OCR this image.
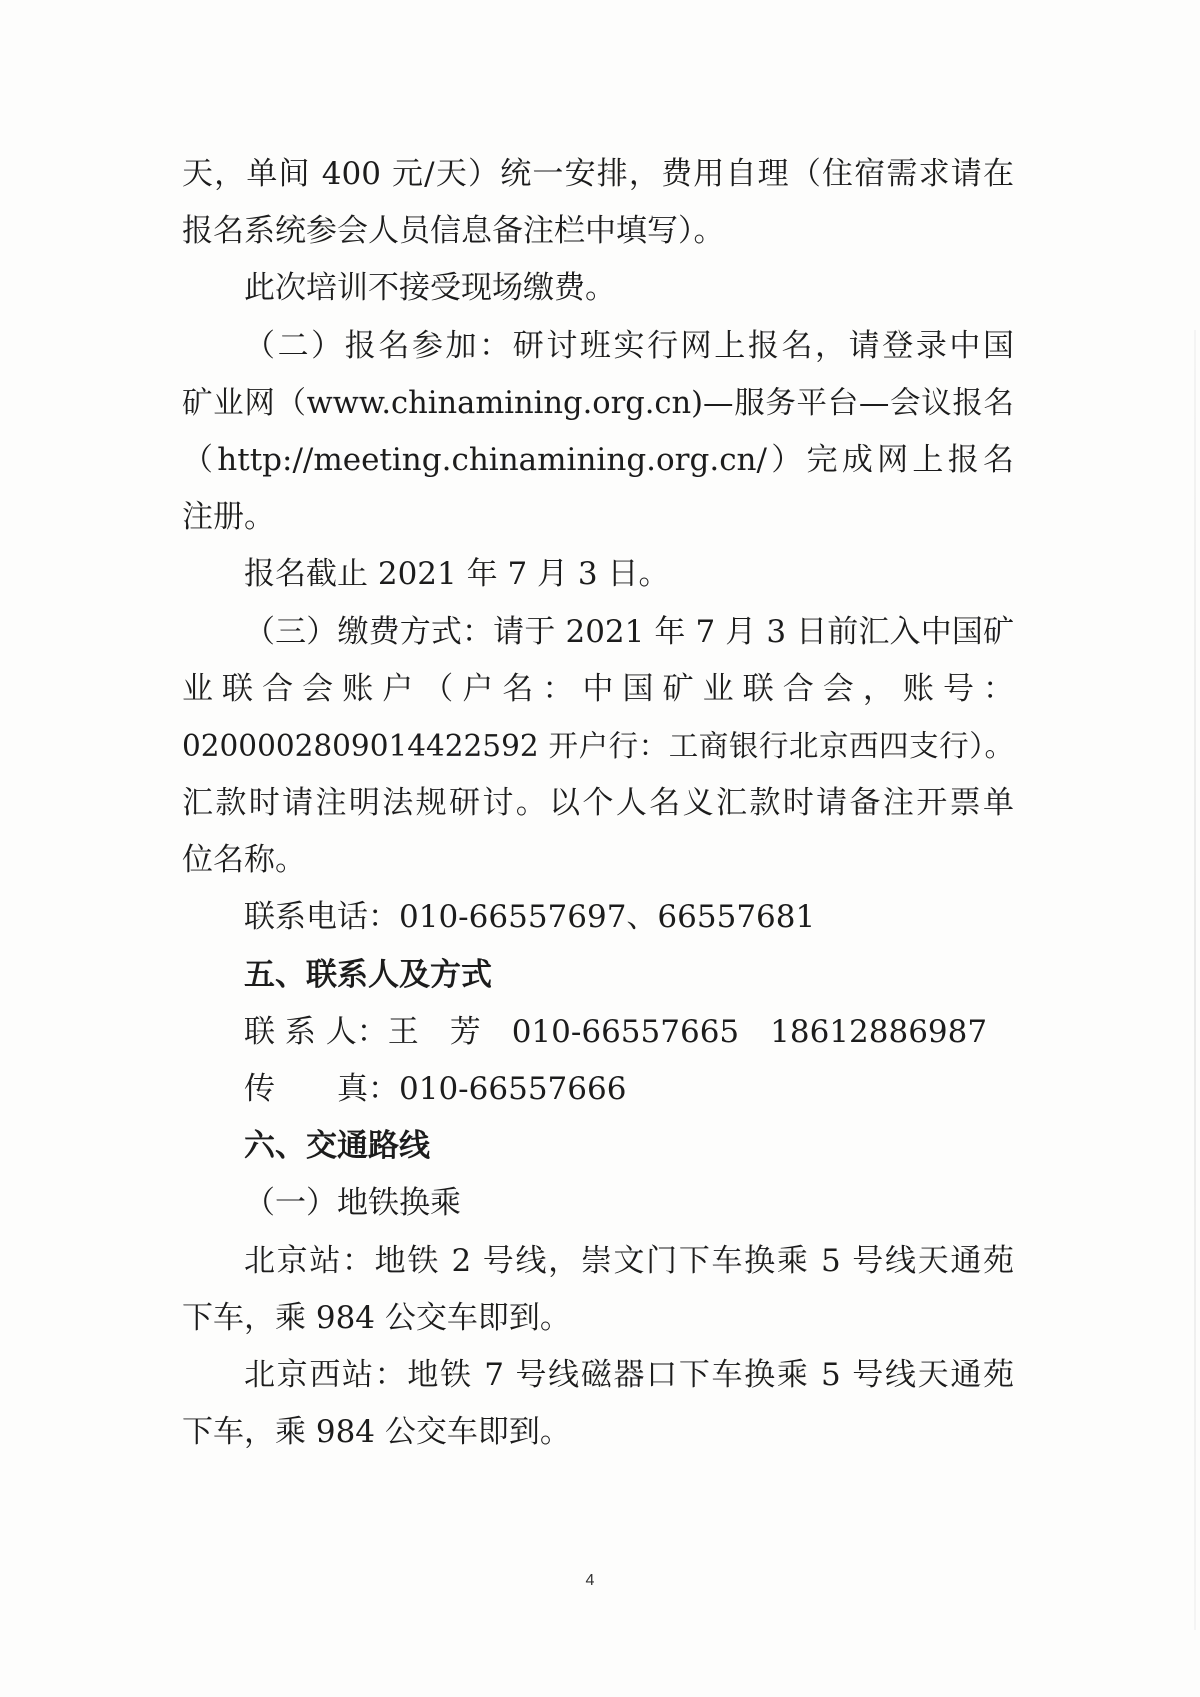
天，单间 400 元/天）统一安排，费用自理（住宿需求请在
报名系统参会人员信息备注栏中填写）。
此次培训不接受现场缴费。
（二）报名参加：研讨班实行网上报名，请登录中国
矿业网（www.chinamining.org.cn)—服务平台—会议报名
（http://meeting.chinamining.org.cn/）完成网上报名
注册。
报名截止 2021 年 7 月 3 日。
（三）缴费方式：请于 2021 年 7 月 3 日前汇入中国矿
业联合会账户（户名：中国矿业联合会，账号：
0200002809014422592 开户行：工商银行北京西四支行）。
汇款时请注明法规研讨。以个人名义汇款时请备注开票单
位名称。
联系电话：010-66557697、66557681
五、联系人及方式
联 系 人：王　芳　010-66557665　18612886987
传　　真：010-66557666
六、交通路线
（一）地铁换乘
北京站：地铁 2 号线，崇文门下车换乘 5 号线天通苑
下车，乘 984 公交车即到。
北京西站：地铁 7 号线磁器口下车换乘 5 号线天通苑
下车，乘 984 公交车即到。
4
